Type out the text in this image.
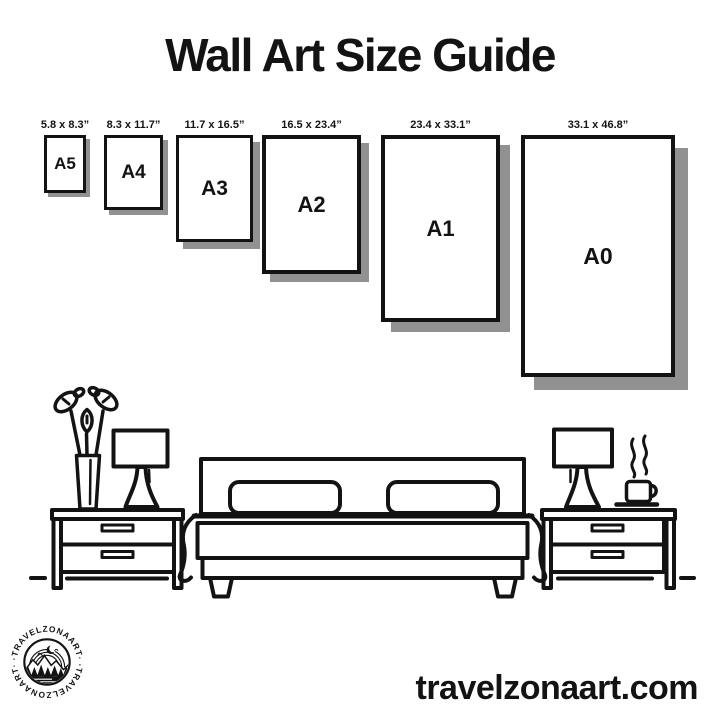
Wall Art Size Guide
5.8 x 8.3”
A5
8.3 x 11.7”
A4
11.7 x 16.5”
A3
16.5 x 23.4”
A2
23.4 x 33.1”
A1
33.1 x 46.8”
A0
·TRAVELZONAART·
·TRAVELZONAART·
travelzonaart.com
